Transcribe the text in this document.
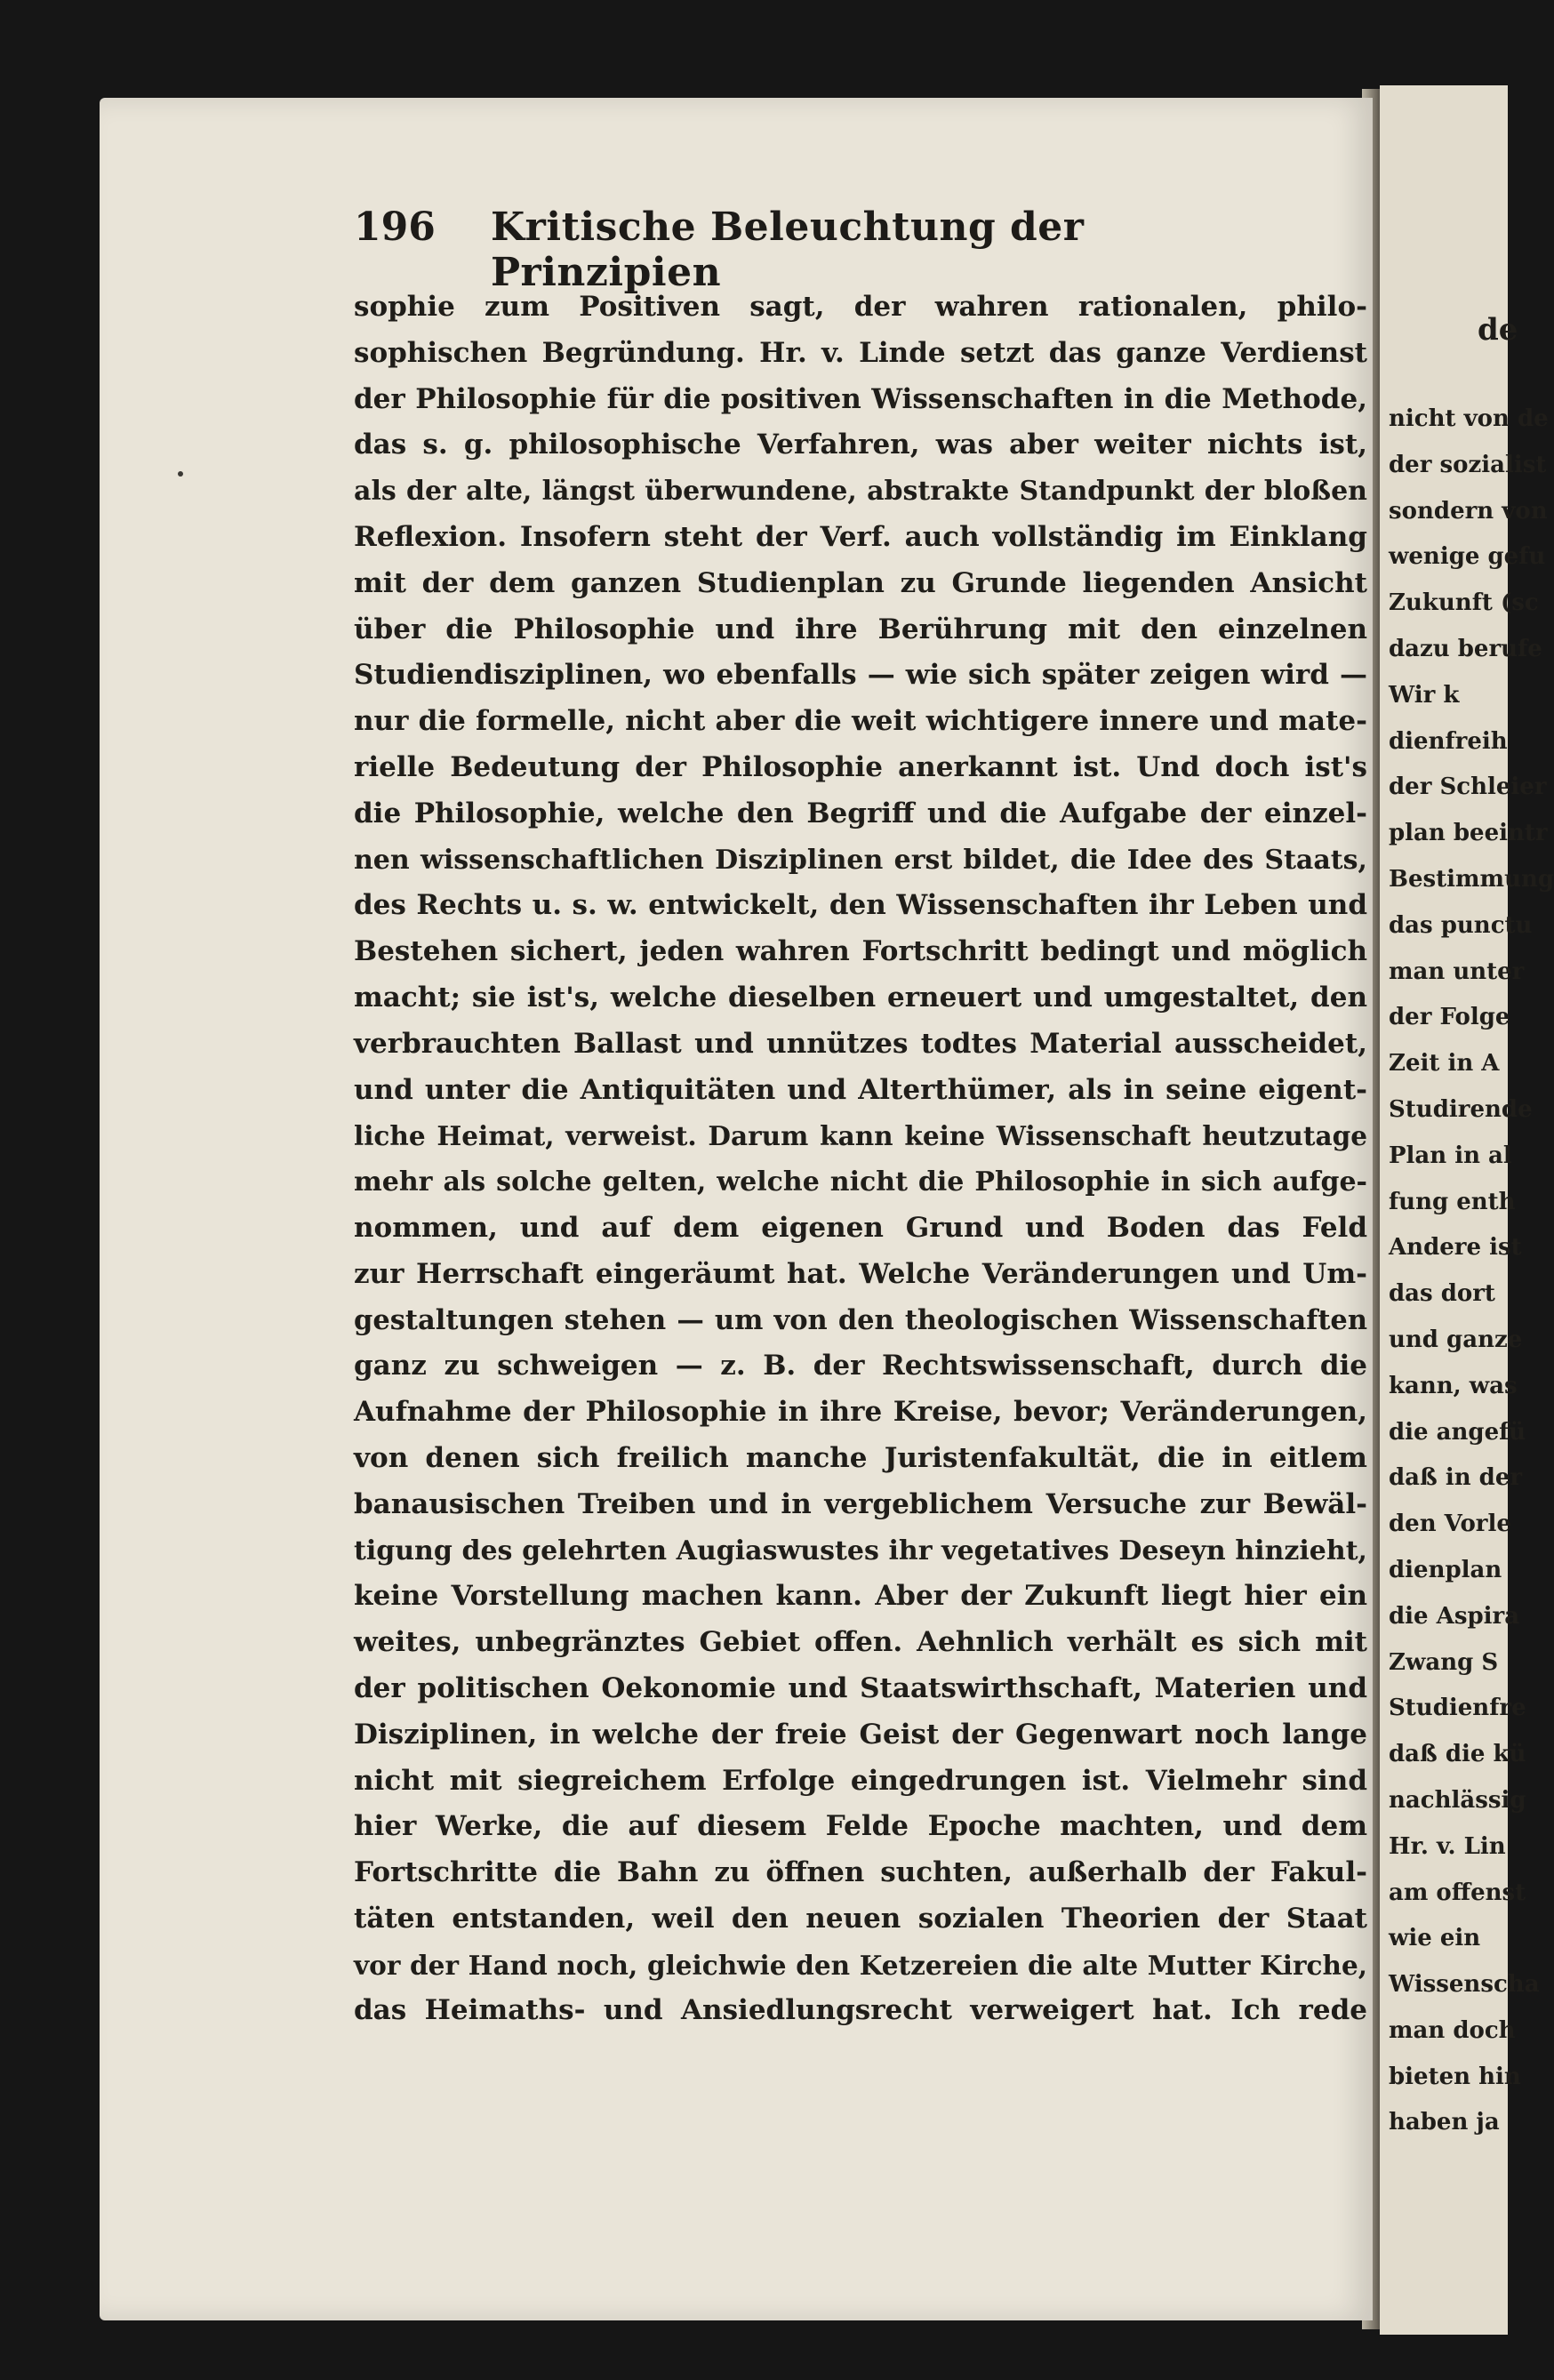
196	Kritische Beleuchtung der Prinzipien
sophie zum Positiven sagt, der wahren rationalen, philo-
sophischen Begründung. Hr. v. Linde setzt das ganze Verdienst
der Philosophie für die positiven Wissenschaften in die Methode,
das s. g. philosophische Verfahren, was aber weiter nichts ist,
als der alte, längst überwundene, abstrakte Standpunkt der bloßen
Reflexion. Insofern steht der Verf. auch vollständig im Einklang
mit der dem ganzen Studienplan zu Grunde liegenden Ansicht
über die Philosophie und ihre Berührung mit den einzelnen
Studiendisziplinen, wo ebenfalls — wie sich später zeigen wird —
nur die formelle, nicht aber die weit wichtigere innere und mate-
rielle Bedeutung der Philosophie anerkannt ist. Und doch ist's
die Philosophie, welche den Begriff und die Aufgabe der einzel-
nen wissenschaftlichen Disziplinen erst bildet, die Idee des Staats,
des Rechts u. s. w. entwickelt, den Wissenschaften ihr Leben und
Bestehen sichert, jeden wahren Fortschritt bedingt und möglich
macht; sie ist's, welche dieselben erneuert und umgestaltet, den
verbrauchten Ballast und unnützes todtes Material ausscheidet,
und unter die Antiquitäten und Alterthümer, als in seine eigent-
liche Heimat, verweist. Darum kann keine Wissenschaft heutzutage
mehr als solche gelten, welche nicht die Philosophie in sich aufge-
nommen, und auf dem eigenen Grund und Boden das Feld
zur Herrschaft eingeräumt hat. Welche Veränderungen und Um-
gestaltungen stehen — um von den theologischen Wissenschaften
ganz zu schweigen — z. B. der Rechtswissenschaft, durch die
Aufnahme der Philosophie in ihre Kreise, bevor; Veränderungen,
von denen sich freilich manche Juristenfakultät, die in eitlem
banausischen Treiben und in vergeblichem Versuche zur Bewäl-
tigung des gelehrten Augiaswustes ihr vegetatives Deseyn hinzieht,
keine Vorstellung machen kann. Aber der Zukunft liegt hier ein
weites, unbegränztes Gebiet offen. Aehnlich verhält es sich mit
der politischen Oekonomie und Staatswirthschaft, Materien und
Disziplinen, in welche der freie Geist der Gegenwart noch lange
nicht mit siegreichem Erfolge eingedrungen ist. Vielmehr sind
hier Werke, die auf diesem Felde Epoche machten, und dem
Fortschritte die Bahn zu öffnen suchten, außerhalb der Fakul-
täten entstanden, weil den neuen sozialen Theorien der Staat
vor der Hand noch, gleichwie den Ketzereien die alte Mutter Kirche,
das Heimaths- und Ansiedlungsrecht verweigert hat. Ich rede
de
nicht von de
der sozialist
sondern von
wenige gefu
Zukunft (sc
dazu berufe
Wir k
dienfreih
der Schleier
plan beeintr
Bestimmung
das punctu
man unter
der Folge
Zeit in A
Studirende
Plan in al
fung enth
Andere ist
das dort
und ganze
kann, was
die angefü
daß in der
den Vorle
dienplan
die Aspira
Zwang S
Studienfre
daß die kü
nachlässig
Hr. v. Lin
am offenst
wie ein
Wissenscha
man doch
bieten hin
haben ja
